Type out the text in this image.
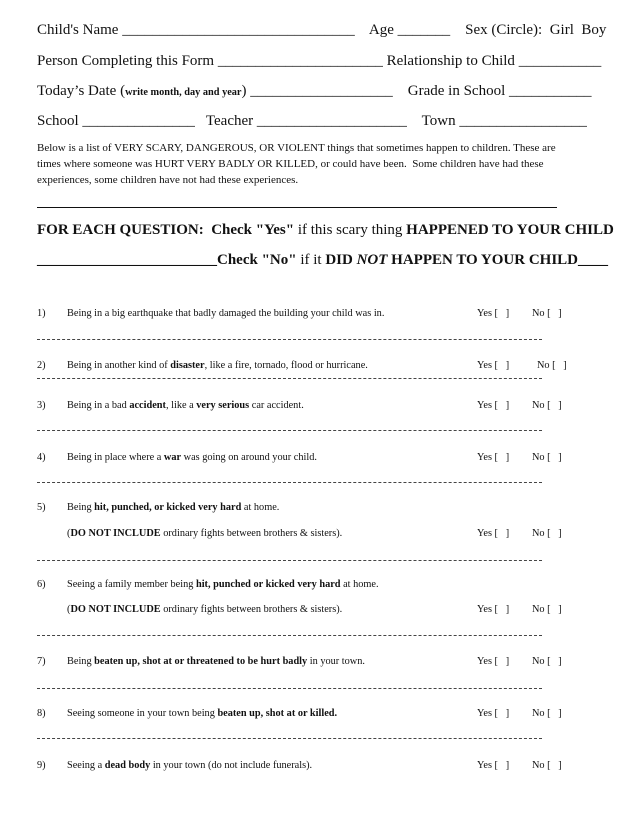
Child's Name _______________________________ Age _______ Sex (Circle): Girl Boy
Person Completing this Form ______________________ Relationship to Child ___________
Today’s Date (write month, day and year) ___________________ Grade in School ___________
School _______________ Teacher ____________________ Town _________________
Below is a list of VERY SCARY, DANGEROUS, OR VIOLENT things that sometimes happen to children. These are
times where someone was HURT VERY BADLY OR KILLED, or could have been.  Some children have had these
experiences, some children have not had these experiences.
FOR EACH QUESTION: Check "Yes" if this scary thing HAPPENED TO YOUR CHILD
________________________Check "No" if it DID NOT HAPPEN TO YOUR CHILD____
1) Being in a big earthquake that badly damaged the building your child was in.	Yes [   ] No [   ]
2) Being in another kind of disaster, like a fire, tornado, flood or hurricane.	Yes [   ]	No [   ]
3) Being in a bad accident, like a very serious car accident.	Yes [   ] No [   ]
4) Being in place where a war was going on around your child.	Yes [   ] No [   ]
5) Being hit, punched, or kicked very hard at home.
(DO NOT INCLUDE ordinary fights between brothers & sisters).	Yes [   ] No [   ]
6) Seeing a family member being hit, punched or kicked very hard at home.
(DO NOT INCLUDE ordinary fights between brothers & sisters).	Yes [   ] No [   ]
7) Being beaten up, shot at or threatened to be hurt badly in your town.	Yes [   ] No [   ]
8) Seeing someone in your town being beaten up, shot at or killed.	Yes [   ] No [   ]
9) Seeing a dead body in your town (do not include funerals).	Yes [   ] No [   ]
